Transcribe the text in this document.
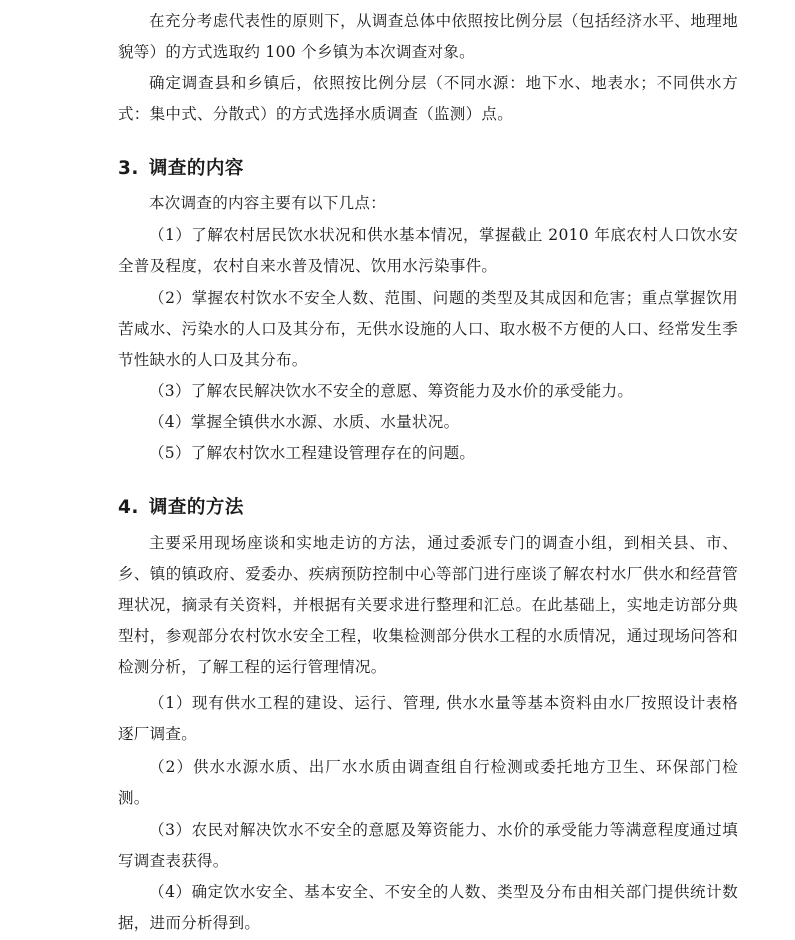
在充分考虑代表性的原则下，从调查总体中依照按比例分层（包括经济水平、地理地貌等）的方式选取约 100 个乡镇为本次调查对象。

确定调查县和乡镇后，依照按比例分层（不同水源：地下水、地表水；不同供水方式：集中式、分散式）的方式选择水质调查（监测）点。

3. 调查的内容

本次调查的内容主要有以下几点：

（1）了解农村居民饮水状况和供水基本情况，掌握截止 2010 年底农村人口饮水安全普及程度，农村自来水普及情况、饮用水污染事件。

（2）掌握农村饮水不安全人数、范围、问题的类型及其成因和危害；重点掌握饮用苦咸水、污染水的人口及其分布，无供水设施的人口、取水极不方便的人口、经常发生季节性缺水的人口及其分布。

（3）了解农民解决饮水不安全的意愿、筹资能力及水价的承受能力。

（4）掌握全镇供水水源、水质、水量状况。

（5）了解农村饮水工程建设管理存在的问题。

4. 调查的方法

主要采用现场座谈和实地走访的方法，通过委派专门的调查小组，到相关县、市、乡、镇的镇政府、爱委办、疾病预防控制中心等部门进行座谈了解农村水厂供水和经营管理状况，摘录有关资料，并根据有关要求进行整理和汇总。在此基础上，实地走访部分典型村，参观部分农村饮水安全工程，收集检测部分供水工程的水质情况，通过现场问答和检测分析，了解工程的运行管理情况。

（1）现有供水工程的建设、运行、管理, 供水水量等基本资料由水厂按照设计表格逐厂调查。

（2）供水水源水质、出厂水水质由调查组自行检测或委托地方卫生、环保部门检测。

（3）农民对解决饮水不安全的意愿及筹资能力、水价的承受能力等满意程度通过填写调查表获得。

（4）确定饮水安全、基本安全、不安全的人数、类型及分布由相关部门提供统计数据，进而分析得到。
